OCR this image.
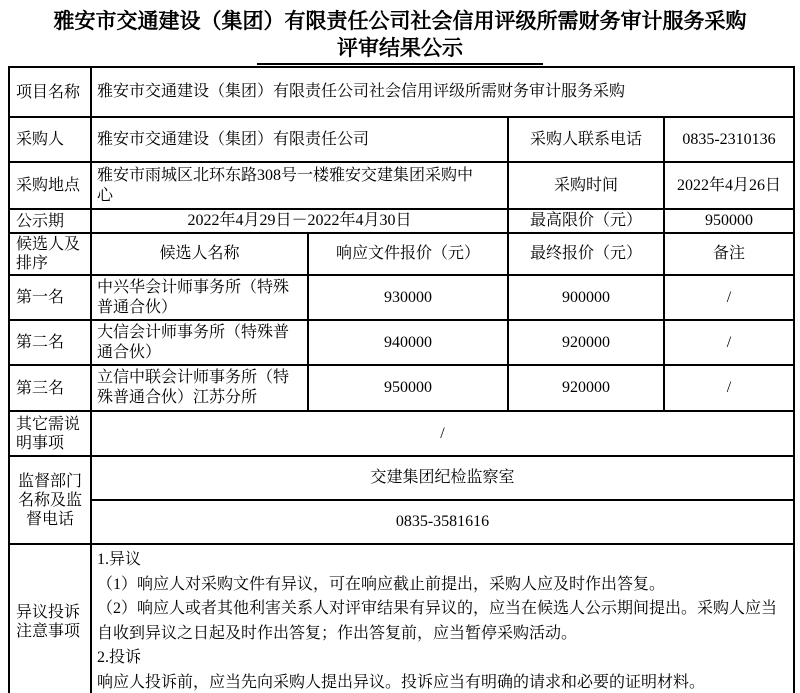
雅安市交通建设（集团）有限责任公司社会信用评级所需财务审计服务采购
评审结果公示
项目名称	雅安市交通建设（集团）有限责任公司社会信用评级所需财务审计服务采购			
采购人	雅安市交通建设（集团）有限责任公司		采购人联系电话	0835-2310136
采购地点	雅安市雨城区北环东路308号一楼雅安交建集团采购中心		采购时间	2022年4月26日
公示期	2022年4月29日－2022年4月30日		最高限价（元）	950000
候选人及排序	候选人名称	响应文件报价（元）	最终报价（元）	备注
第一名	中兴华会计师事务所（特殊普通合伙）	930000	900000	/
第二名	大信会计师事务所（特殊普通合伙）	940000	920000	/
第三名	立信中联会计师事务所（特殊普通合伙）江苏分所	950000	920000	/
其它需说明事项	/			
监督部门名称及监督电话	交建集团纪检监察室			
	0835-3581616			
异议投诉注意事项	1.异议
（1）响应人对采购文件有异议，可在响应截止前提出，采购人应及时作出答复。
（2）响应人或者其他利害关系人对评审结果有异议的，应当在候选人公示期间提出。采购人应当自收到异议之日起及时作出答复；作出答复前，应当暂停采购活动。
2.投诉
响应人投诉前，应当先向采购人提出异议。投诉应当有明确的请求和必要的证明材料。			
